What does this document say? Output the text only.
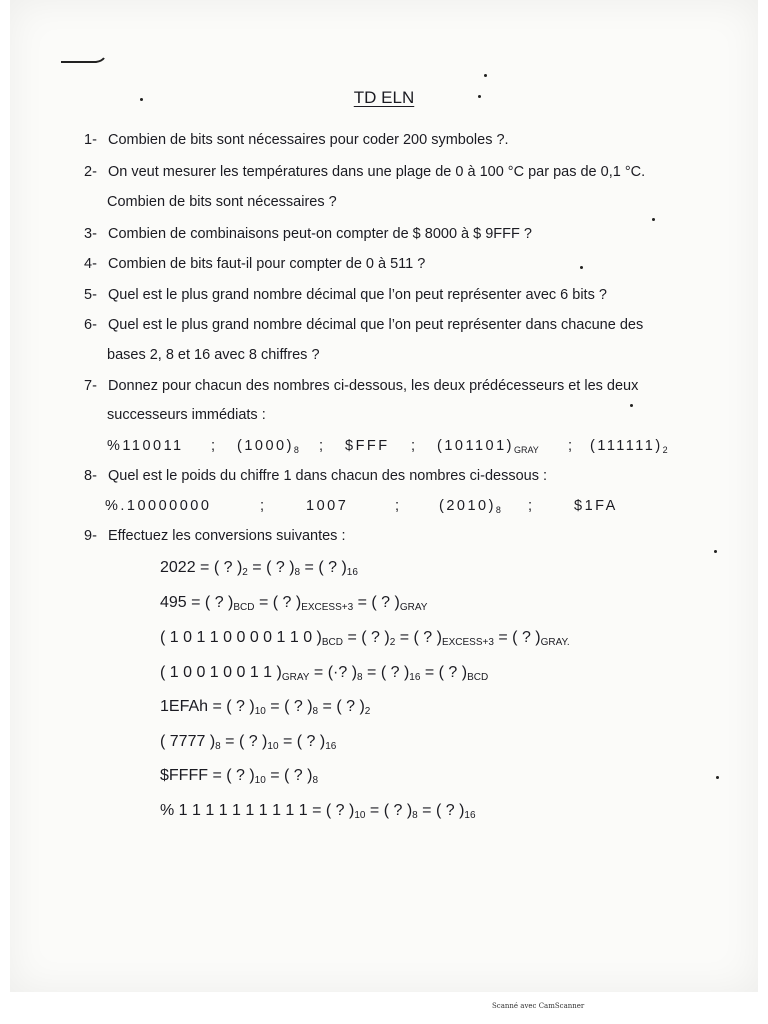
TD ELN
1- Combien de bits sont nécessaires pour coder 200 symboles ?.
2- On veut mesurer les températures dans une plage de 0 à 100 °C par pas de 0,1 °C.
Combien de bits sont nécessaires ?
3- Combien de combinaisons peut-on compter de $ 8000 à $ 9FFF ?
4- Combien de bits faut-il pour compter de 0 à 511 ?
5- Quel est le plus grand nombre décimal que l’on peut représenter avec 6 bits ?
6- Quel est le plus grand nombre décimal que l’on peut représenter dans chacune des
bases 2, 8 et 16 avec 8 chiffres ?
7- Donnez pour chacun des nombres ci-dessous, les deux prédécesseurs et les deux
successeurs immédiats :
%110011 ; $(1000)_8$ ; $FFF ; $(101101)_{GRAY}$ ; $(111111)_2$
8- Quel est le poids du chiffre 1 dans chacun des nombres ci-dessous :
%.10000000	;	1007	;	$(2010)_8$ ;	$1FA
9- Effectuez les conversions suivantes :
2022 = ( ? )$_2$ = ( ? )$_8$ = ( ? )$_{16}$
495 = ( ? )$_{BCD}$ = ( ? )$_{EXCESS+3}$ = ( ? )$_{GRAY}$
( 1 0 1 1 0 0 0 0 1 1 0 )$_{BCD}$ = ( ? )$_2$ = ( ? )$_{EXCESS+3}$ = ( ? )$_{GRAY.}$
( 1 0 0 1 0 0 1 1 )$_{GRAY}$ = (·? )$_8$ = ( ? )$_{16}$ = ( ? )$_{BCD}$
1EFAh = ( ? )$_{10}$ = ( ? )$_8$ = ( ? )$_2$
( 7777 )$_8$ = ( ? )$_{10}$ = ( ? )$_{16}$
$FFFF = ( ? )$_{10}$ = ( ? )$_8$
% 1 1 1 1 1 1 1 1 1 1 = ( ? )$_{10}$ = ( ? )$_8$ = ( ? )$_{16}$
Scanné avec CamScanner
